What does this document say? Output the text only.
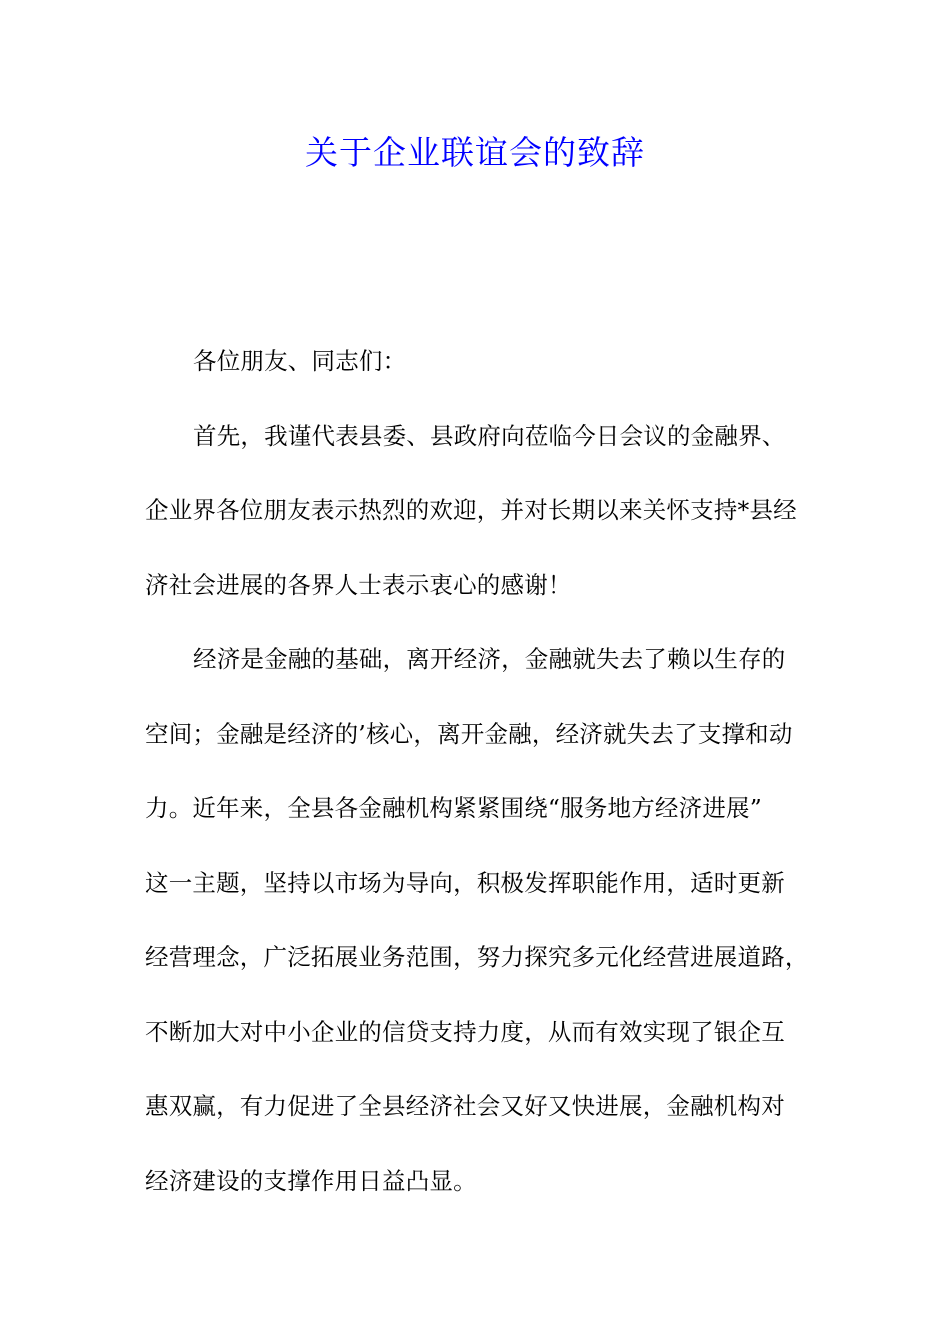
关于企业联谊会的致辞
各位朋友、同志们：
首先，我谨代表县委、县政府向莅临今日会议的金融界、
企业界各位朋友表示热烈的欢迎，并对长期以来关怀支持*县经
济社会进展的各界人士表示衷心的感谢！
经济是金融的基础，离开经济，金融就失去了赖以生存的
空间；金融是经济的’核心，离开金融，经济就失去了支撑和动
力。近年来，全县各金融机构紧紧围绕“服务地方经济进展”
这一主题，坚持以市场为导向，积极发挥职能作用，适时更新
经营理念，广泛拓展业务范围，努力探究多元化经营进展道路，
不断加大对中小企业的信贷支持力度，从而有效实现了银企互
惠双赢，有力促进了全县经济社会又好又快进展，金融机构对
经济建设的支撑作用日益凸显。
